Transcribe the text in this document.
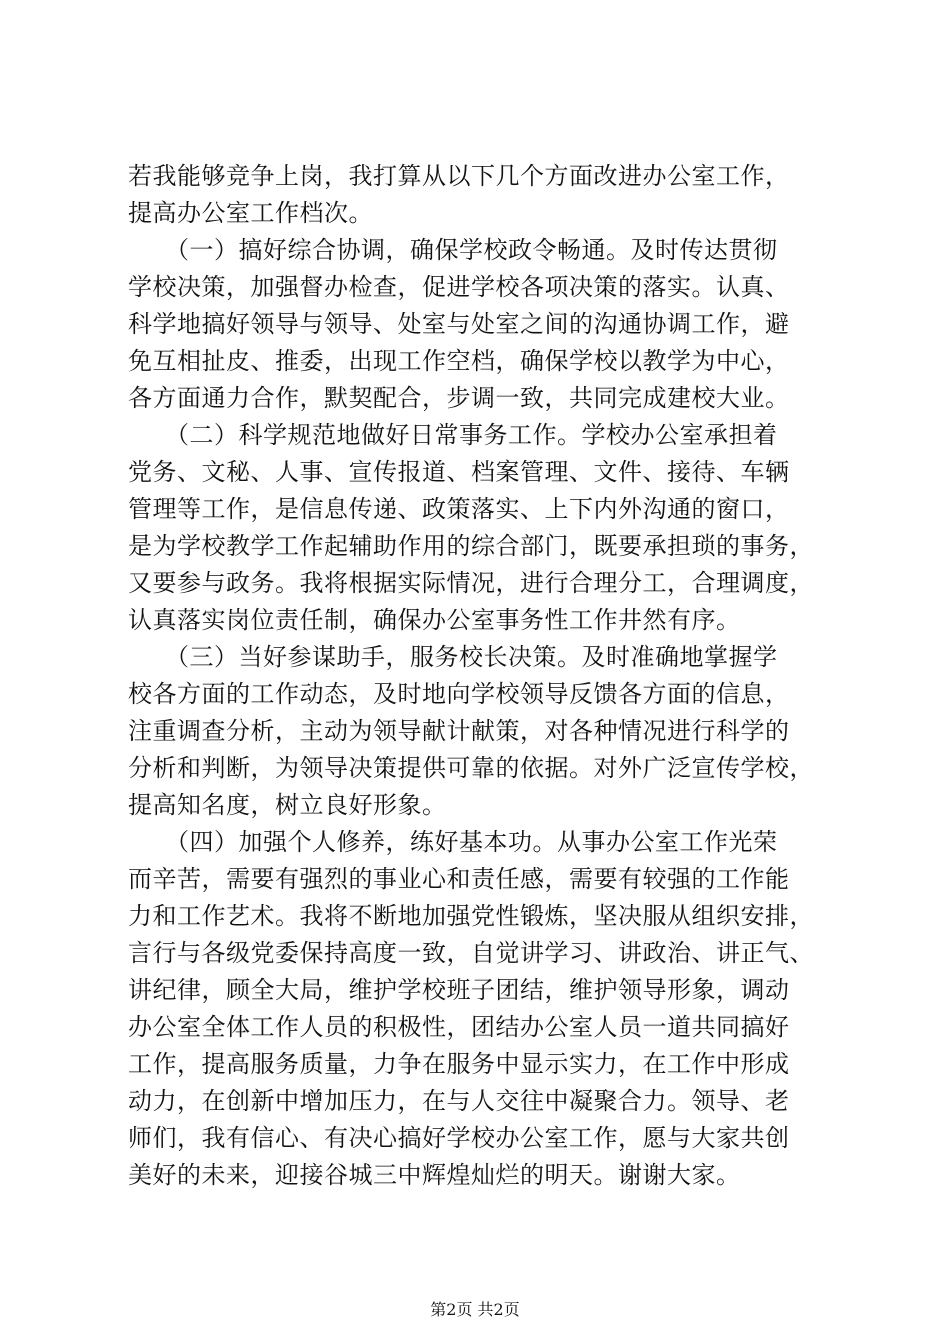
若我能够竞争上岗，我打算从以下几个方面改进办公室工作，
提高办公室工作档次。
　　（一）搞好综合协调，确保学校政令畅通。及时传达贯彻
学校决策，加强督办检查，促进学校各项决策的落实。认真、
科学地搞好领导与领导、处室与处室之间的沟通协调工作，避
免互相扯皮、推委，出现工作空档，确保学校以教学为中心，
各方面通力合作，默契配合，步调一致，共同完成建校大业。
　　（二）科学规范地做好日常事务工作。学校办公室承担着
党务、文秘、人事、宣传报道、档案管理、文件、接待、车辆
管理等工作，是信息传递、政策落实、上下内外沟通的窗口，
是为学校教学工作起辅助作用的综合部门，既要承担琐的事务，
又要参与政务。我将根据实际情况，进行合理分工，合理调度，
认真落实岗位责任制，确保办公室事务性工作井然有序。
　　（三）当好参谋助手，服务校长决策。及时准确地掌握学
校各方面的工作动态，及时地向学校领导反馈各方面的信息，
注重调查分析，主动为领导献计献策，对各种情况进行科学的
分析和判断，为领导决策提供可靠的依据。对外广泛宣传学校，
提高知名度，树立良好形象。
　　（四）加强个人修养，练好基本功。从事办公室工作光荣
而辛苦，需要有强烈的事业心和责任感，需要有较强的工作能
力和工作艺术。我将不断地加强党性锻炼，坚决服从组织安排，
言行与各级党委保持高度一致，自觉讲学习、讲政治、讲正气、
讲纪律，顾全大局，维护学校班子团结，维护领导形象，调动
办公室全体工作人员的积极性，团结办公室人员一道共同搞好
工作，提高服务质量，力争在服务中显示实力，在工作中形成
动力，在创新中增加压力，在与人交往中凝聚合力。领导、老
师们，我有信心、有决心搞好学校办公室工作，愿与大家共创
美好的未来，迎接谷城三中辉煌灿烂的明天。谢谢大家。
第2页 共2页
